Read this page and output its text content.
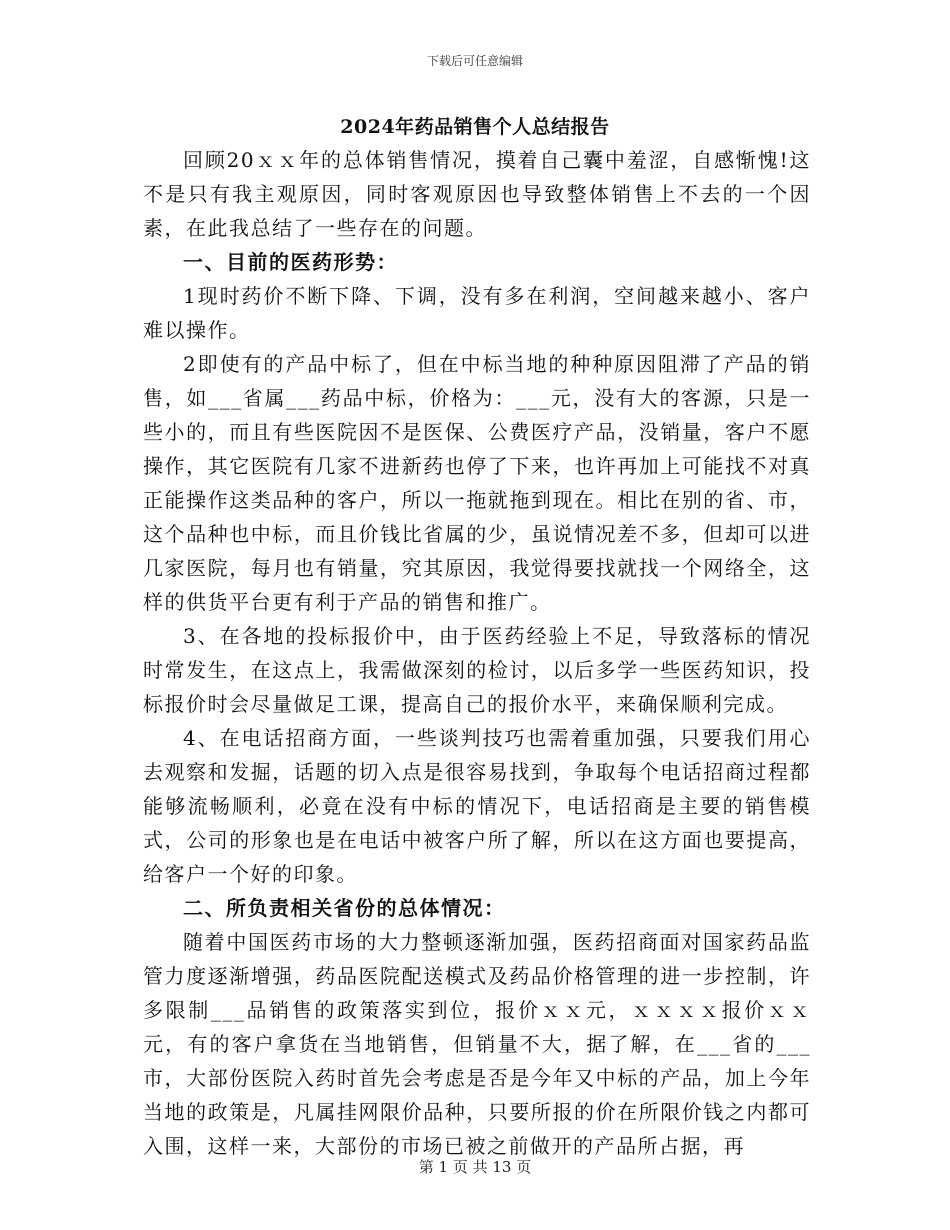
下载后可任意编辑
2024年药品销售个人总结报告

回顾20ｘｘ年的总体销售情况，摸着自己囊中羞涩，自感惭愧!这不是只有我主观原因，同时客观原因也导致整体销售上不去的一个因素，在此我总结了一些存在的问题。

一、目前的医药形势：

1现时药价不断下降、下调，没有多在利润，空间越来越小、客户难以操作。

2即使有的产品中标了，但在中标当地的种种原因阻滞了产品的销售，如___省属___药品中标，价格为：___元，没有大的客源，只是一些小的，而且有些医院因不是医保、公费医疗产品，没销量，客户不愿操作，其它医院有几家不进新药也停了下来，也许再加上可能找不对真正能操作这类品种的客户，所以一拖就拖到现在。相比在别的省、市，这个品种也中标，而且价钱比省属的少，虽说情况差不多，但却可以进几家医院，每月也有销量，究其原因，我觉得要找就找一个网络全，这样的供货平台更有利于产品的销售和推广。

3、在各地的投标报价中，由于医药经验上不足，导致落标的情况时常发生，在这点上，我需做深刻的检讨，以后多学一些医药知识，投标报价时会尽量做足工课，提高自己的报价水平，来确保顺利完成。

4、在电话招商方面，一些谈判技巧也需着重加强，只要我们用心去观察和发掘，话题的切入点是很容易找到，争取每个电话招商过程都能够流畅顺利，必竟在没有中标的情况下，电话招商是主要的销售模式，公司的形象也是在电话中被客户所了解，所以在这方面也要提高，给客户一个好的印象。

二、所负责相关省份的总体情况：

随着中国医药市场的大力整顿逐渐加强，医药招商面对国家药品监管力度逐渐增强，药品医院配送模式及药品价格管理的进一步控制，许多限制___品销售的政策落实到位，报价ｘｘ元，ｘｘｘｘ报价ｘｘ元，有的客户拿货在当地销售，但销量不大，据了解，在___省的___市，大部份医院入药时首先会考虑是否是今年又中标的产品，加上今年当地的政策是，凡属挂网限价品种，只要所报的价在所限价钱之内都可入围，这样一来，大部份的市场已被之前做开的产品所占据，再

第 1 页 共 13 页
